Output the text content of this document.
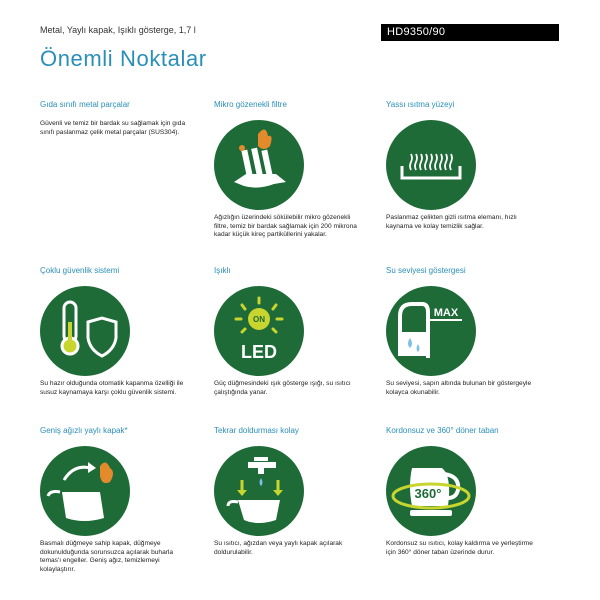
Metal, Yaylı kapak, Işıklı gösterge, 1,7 l	HD9350/90
Önemli Noktalar
Gıda sınıfı metal parçalar
Güvenli ve temiz bir bardak su sağlamak için gıda sınıfı paslanmaz çelik metal parçalar (SUS304).
Mikro gözenekli filtre
Ağızlığın üzerindeki sökülebilir mikro gözenekli filtre, temiz bir bardak sağlamak için 200 mikrona kadar küçük kireç partiküllerini yakalar.
Yassı ısıtma yüzeyi
Paslanmaz çelikten gizli ısıtma elemanı, hızlı kaynama ve kolay temizlik sağlar.
Çoklu güvenlik sistemi
Su hazır olduğunda otomatik kapanma özelliği ile susuz kaynamaya karşı çoklu güvenlik sistemi.
Işıklı
ON
LED
Güç düğmesindeki ışık gösterge ışığı, su ısıtıcı çalıştığında yanar.
Su seviyesi göstergesi
MAX
Su seviyesi, sapın altında bulunan bir göstergeyle kolayca okunabilir.
Geniş ağızlı yaylı kapak*
Basmalı düğmeye sahip kapak, düğmeye dokunulduğunda sorunsuzca açılarak buharla temas'ı engeller. Geniş ağız, temizlemeyi kolaylaştırır.
Tekrar doldurması kolay
Su ısıtıcı, ağızdan veya yaylı kapak açılarak doldurulabilir.
Kordonsuz ve 360° döner taban
360°
Kordonsuz su ısıtıcı, kolay kaldırma ve yerleştirme için 360° döner taban üzerinde durur.
